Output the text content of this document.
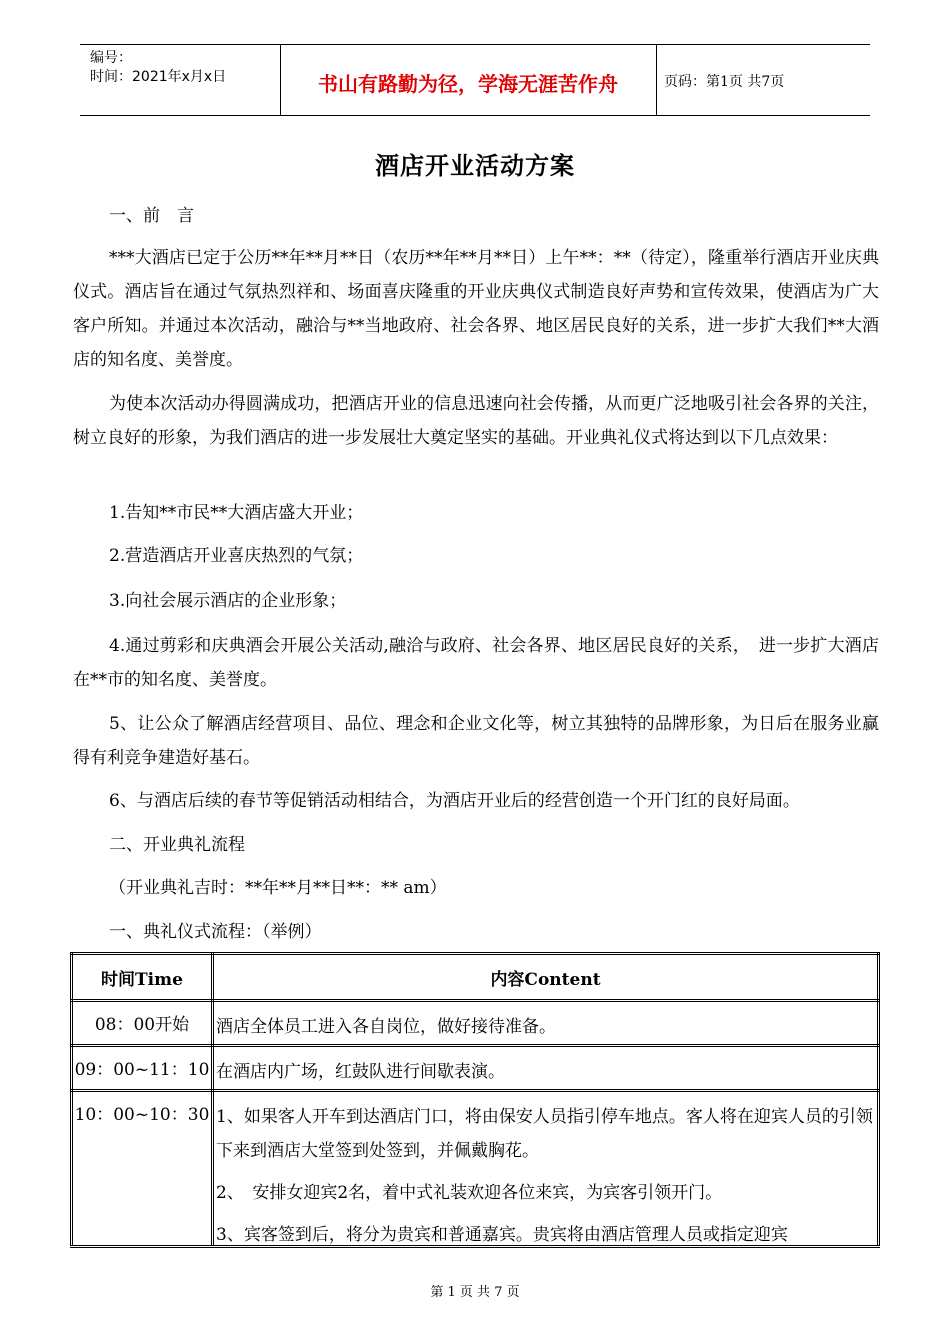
编号：
时间：2021年x月x日	书山有路勤为径，学海无涯苦作舟	页码：第1页 共7页
酒店开业活动方案
一、前　言
***大酒店已定于公历**年**月**日（农历**年**月**日）上午**：**（待定），隆重举行酒店开业庆典仪式。酒店旨在通过气氛热烈祥和、场面喜庆隆重的开业庆典仪式制造良好声势和宣传效果，使酒店为广大客户所知。并通过本次活动，融洽与**当地政府、社会各界、地区居民良好的关系，进一步扩大我们**大酒店的知名度、美誉度。
为使本次活动办得圆满成功，把酒店开业的信息迅速向社会传播，从而更广泛地吸引社会各界的关注，树立良好的形象，为我们酒店的进一步发展壮大奠定坚实的基础。开业典礼仪式将达到以下几点效果：
1.告知**市民**大酒店盛大开业；
2.营造酒店开业喜庆热烈的气氛；
3.向社会展示酒店的企业形象；
4.通过剪彩和庆典酒会开展公关活动,融洽与政府、社会各界、地区居民良好的关系，　进一步扩大酒店在**市的知名度、美誉度。
5、让公众了解酒店经营项目、品位、理念和企业文化等，树立其独特的品牌形象，为日后在服务业赢得有利竞争建造好基石。
6、与酒店后续的春节等促销活动相结合，为酒店开业后的经营创造一个开门红的良好局面。
二、开业典礼流程
（开业典礼吉时：**年**月**日**：** am）
一、典礼仪式流程：（举例）
时间Time	内容Content
08：00开始	酒店全体员工进入各自岗位，做好接待准备。

09：00~11：10	在酒店内广场，红鼓队进行间歇表演。

10：00~10：30	1、如果客人开车到达酒店门口，将由保安人员指引停车地点。客人将在迎宾人员的引领下来到酒店大堂签到处签到，并佩戴胸花。
2、　安排女迎宾2名，着中式礼装欢迎各位来宾，为宾客引领开门。
3、宾客签到后，将分为贵宾和普通嘉宾。贵宾将由酒店管理人员或指定迎宾
第 1 页 共 7 页
